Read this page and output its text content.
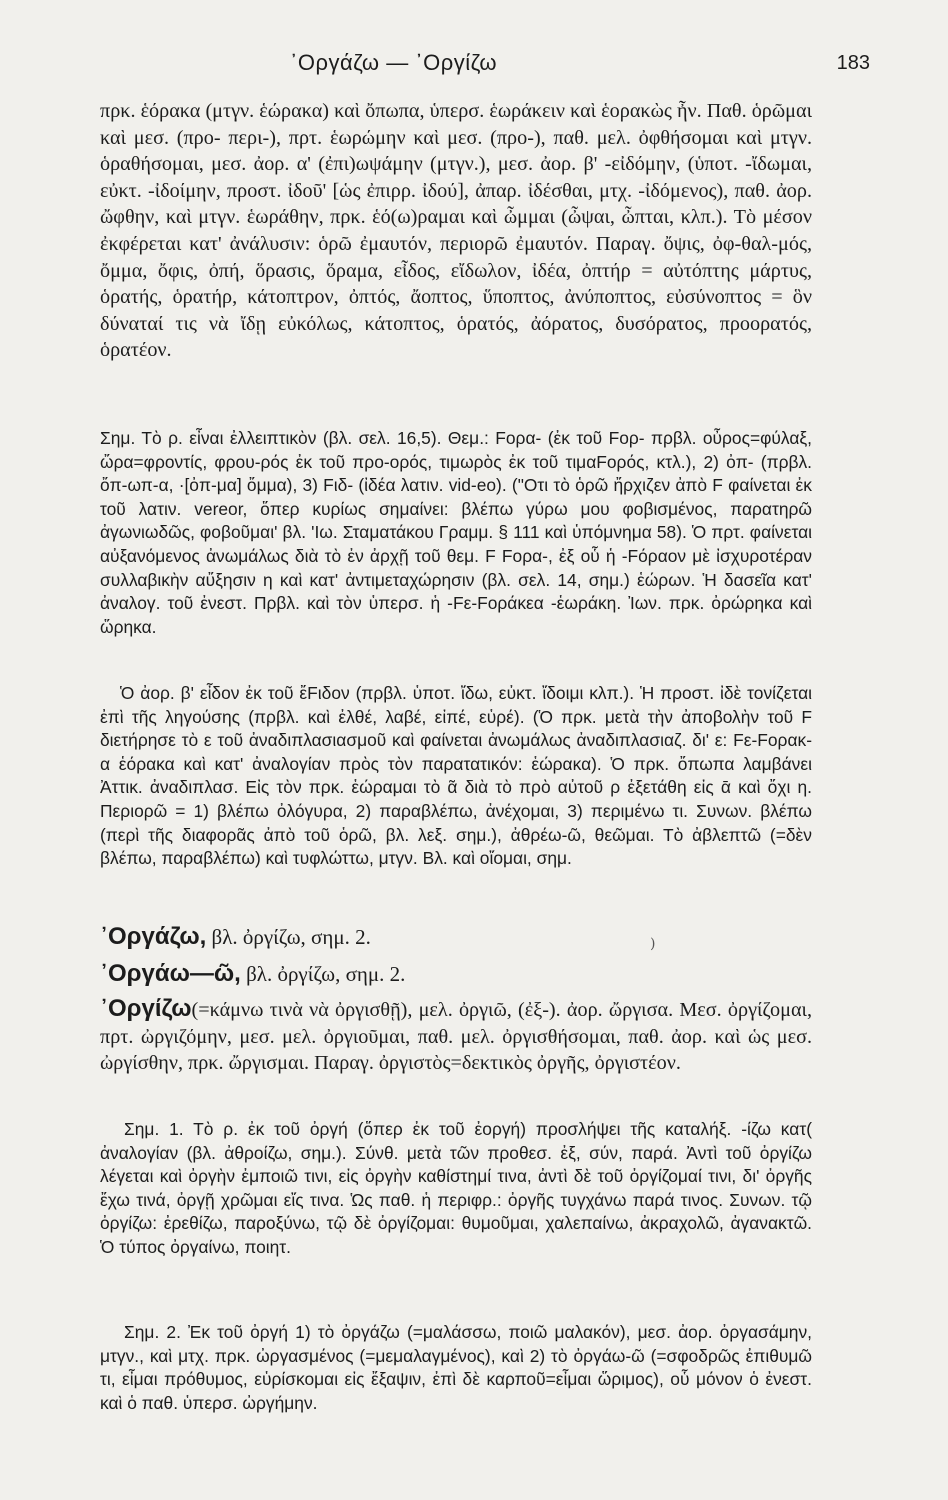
᾿Οργάζω — ᾿Οργίζω	183

πρκ. ἑόρακα (μτγν. ἑώρακα) καὶ ὄπωπα, ὑπερσ. ἑωράκειν καὶ ἑορακὼς ἦν. Παθ. ὁρῶμαι καὶ μεσ. (προ- περι-), πρτ. ἑωρώμην καὶ μεσ. (προ-), παθ. μελ. ὀφθήσομαι καὶ μτγν. ὁραθήσομαι, μεσ. ἀορ. α' (ἐπι)ωψάμην (μτγν.), μεσ. ἀορ. β' -εἰδόμην, (ὑποτ. -ἴδωμαι, εὐκτ. -ἰδοίμην, προστ. ἰδοῦ' [ὡς ἐπιρρ. ἰδού], ἀπαρ. ἰδέσθαι, μτχ. -ἰδόμενος), παθ. ἀορ. ὤφθην, καὶ μτγν. ἑωράθην, πρκ. ἑό(ω)ραμαι καὶ ὦμμαι (ὦψαι, ὦπται, κλπ.). Τὸ μέσον ἐκφέρεται κατ' ἀνάλυσιν: ὁρῶ ἐμαυτόν, περιορῶ ἐμαυτόν. Παραγ. ὄψις, ὀφ-θαλ-μός, ὄμμα, ὄφις, ὀπή, ὅρασις, ὅραμα, εἶδος, εἴδωλον, ἰδέα, ὀπτήρ = αὐτόπτης μάρτυς, ὁρατής, ὁρατήρ, κάτοπτρον, ὀπτός, ἄοπτος, ὕποπτος, ἀνύποπτος, εὐσύνοπτος = ὃν δύναταί τις νὰ ἴδῃ εὐκόλως, κάτοπτος, ὁρατός, ἀόρατος, δυσόρατος, προορατός, ὁρατέον.

Σημ. Τὸ ρ. εἶναι ἐλλειπτικὸν (βλ. σελ. 16,5). Θεμ.: Fορα- (ἐκ τοῦ Fορ- πρβλ. οὖρος=φύλαξ, ὤρα=φροντίς, φρου-ρός ἐκ τοῦ προ-ορός, τιμωρὸς ἐκ τοῦ τιμαFορός, κτλ.), 2) ὀπ- (πρβλ. ὄπ-ωπ-α, ·[ὀπ-μα] ὄμμα), 3) Fιδ- (ἰδέα λατιν. vid-eo). ("Οτι τὸ ὁρῶ ἤρχιζεν ἀπὸ F φαίνεται ἐκ τοῦ λατιν. vereor, ὅπερ κυρίως σημαίνει: βλέπω γύρω μου φοβισμένος, παρατηρῶ ἀγωνιωδῶς, φοβοῦμαι' βλ. 'Ιω. Σταματάκου Γραμμ. § 111 καὶ ὑπόμνημα 58). Ὁ πρτ. φαίνεται αὐξανόμενος ἀνωμάλως διὰ τὸ ἐν ἀρχῇ τοῦ θεμ. F Fορα-, ἐξ οὗ ἡ -Fόραον μὲ ἰσχυροτέραν συλλαβικὴν αὔξησιν η καὶ κατ' ἀντιμεταχώρησιν (βλ. σελ. 14, σημ.) ἑώρων. Ἡ δασεῖα κατ' ἀναλογ. τοῦ ἐνεστ. Πρβλ. καὶ τὸν ὑπερσ. ἡ -Fε-Fοράκεα -ἑωράκη. Ἰων. πρκ. ὀρώρηκα καὶ ὥρηκα.

Ὁ ἀορ. β' εἶδον ἐκ τοῦ ἔFιδον (πρβλ. ὑποτ. ἴδω, εὐκτ. ἴδοιμι κλπ.). Ἡ προστ. ἰδὲ τονίζεται ἐπὶ τῆς ληγούσης (πρβλ. καὶ ἐλθέ, λαβέ, εἰπέ, εὑρέ). (Ὁ πρκ. μετὰ τὴν ἀποβολὴν τοῦ F διετήρησε τὸ ε τοῦ ἀναδιπλασιασμοῦ καὶ φαίνεται ἀνωμάλως ἀναδιπλασιαζ. δι' ε: Fε-Fορακ-α ἑόρακα καὶ κατ' ἀναλογίαν πρὸς τὸν παρατατικόν: ἑώρακα). Ὁ πρκ. ὄπωπα λαμβάνει Ἀττικ. ἀναδιπλασ. Εἰς τὸν πρκ. ἑώραμαι τὸ ᾶ διὰ τὸ πρὸ αὐτοῦ ρ ἐξετάθη εἰς ᾱ καὶ ὄχι η. Περιορῶ = 1) βλέπω ὀλόγυρα, 2) παραβλέπω, ἀνέχομαι, 3) περιμένω τι. Συνων. βλέπω (περὶ τῆς διαφορᾶς ἀπὸ τοῦ ὁρῶ, βλ. λεξ. σημ.), ἀθρέω-ῶ, θεῶμαι. Τὸ ἀβλεπτῶ (=δὲν βλέπω, παραβλέπω) καὶ τυφλώττω, μτγν. Βλ. καὶ οἴομαι, σημ.

᾿Οργάζω, βλ. ὀργίζω, σημ. 2.	)

᾿Οργάω—ῶ, βλ. ὀργίζω, σημ. 2.

᾿Οργίζω(=κάμνω τινὰ νὰ ὀργισθῇ), μελ. ὀργιῶ, (ἐξ-). ἀορ. ὤργισα. Μεσ. ὀργίζομαι, πρτ. ὠργιζόμην, μεσ. μελ. ὀργιοῦμαι, παθ. μελ. ὀργισθήσομαι, παθ. ἀορ. καὶ ὡς μεσ. ὠργίσθην, πρκ. ὤργισμαι. Παραγ. ὀργιστὸς=δεκτικὸς ὀργῆς, ὀργιστέον.

Σημ. 1. Τὸ ρ. ἐκ τοῦ ὀργή (ὅπερ ἐκ τοῦ ἐοργή) προσλήψει τῆς καταλήξ. -ίζω κατ( ἀναλογίαν (βλ. ἀθροίζω, σημ.). Σύνθ. μετὰ τῶν προθεσ. ἐξ, σύν, παρά. Ἀντὶ τοῦ ὀργίζω λέγεται καὶ ὀργὴν ἐμποιῶ τινι, εἰς ὀργὴν καθίστημί τινα, ἀντὶ δὲ τοῦ ὀργίζομαί τινι, δι' ὀργῆς ἔχω τινά, ὀργῇ χρῶμαι εἴς τινα. Ὡς παθ. ἡ περιφρ.: ὀργῆς τυγχάνω παρά τινος. Συνων. τῷ ὀργίζω: ἐρεθίζω, παροξύνω, τῷ δὲ ὀργίζομαι: θυμοῦμαι, χαλεπαίνω, ἀκραχολῶ, ἀγανακτῶ. Ὁ τύπος ὀργαίνω, ποιητ.

Σημ. 2. Ἐκ τοῦ ὀργή 1) τὸ ὀργάζω (=μαλάσσω, ποιῶ μαλακόν), μεσ. ἀορ. ὀργασάμην, μτγν., καὶ μτχ. πρκ. ὠργασμένος (=μεμαλαγμένος), καὶ 2) τὸ ὀργάω-ῶ (=σφοδρῶς ἐπιθυμῶ τι, εἶμαι πρόθυμος, εὑρίσκομαι εἰς ἔξαψιν, ἐπὶ δὲ καρποῦ=εἶμαι ὥριμος), οὗ μόνον ὁ ἐνεστ. καὶ ὁ παθ. ὑπερσ. ὠργήμην.
